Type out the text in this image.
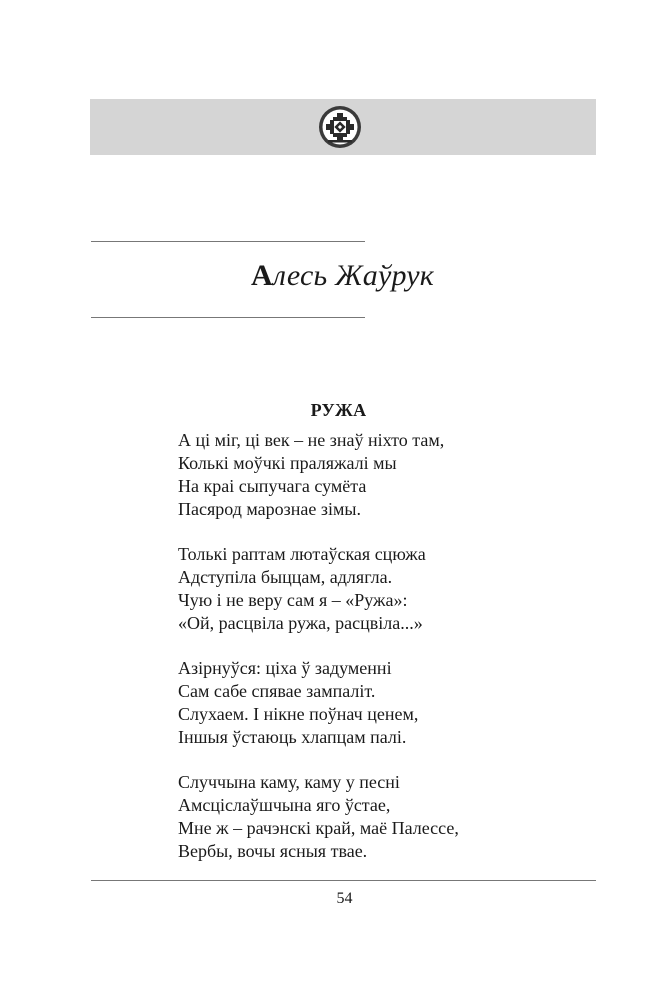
Алесь Жаўрук
РУЖА
А ці міг, ці век – не знаў ніхто там,
Колькі моўчкі праляжалі мы
На краі сыпучага сумёта
Пасярод марознае зімы.
Толькі раптам лютаўская сцюжа
Адступіла быццам, адлягла.
Чую і не веру сам я – «Ружа»:
«Ой, расцвіла ружа, расцвіла...»
Азірнуўся: ціха ў задуменні
Сам сабе спявае зампаліт.
Слухаем. І нікне поўнач ценем,
Іншыя ўстаюць хлапцам палі.
Случчына каму, каму у песні
Амсціслаўшчына яго ўстае,
Мне ж – рачэнскі край, маё Палессе,
Вербы, вочы ясныя твае.
54
